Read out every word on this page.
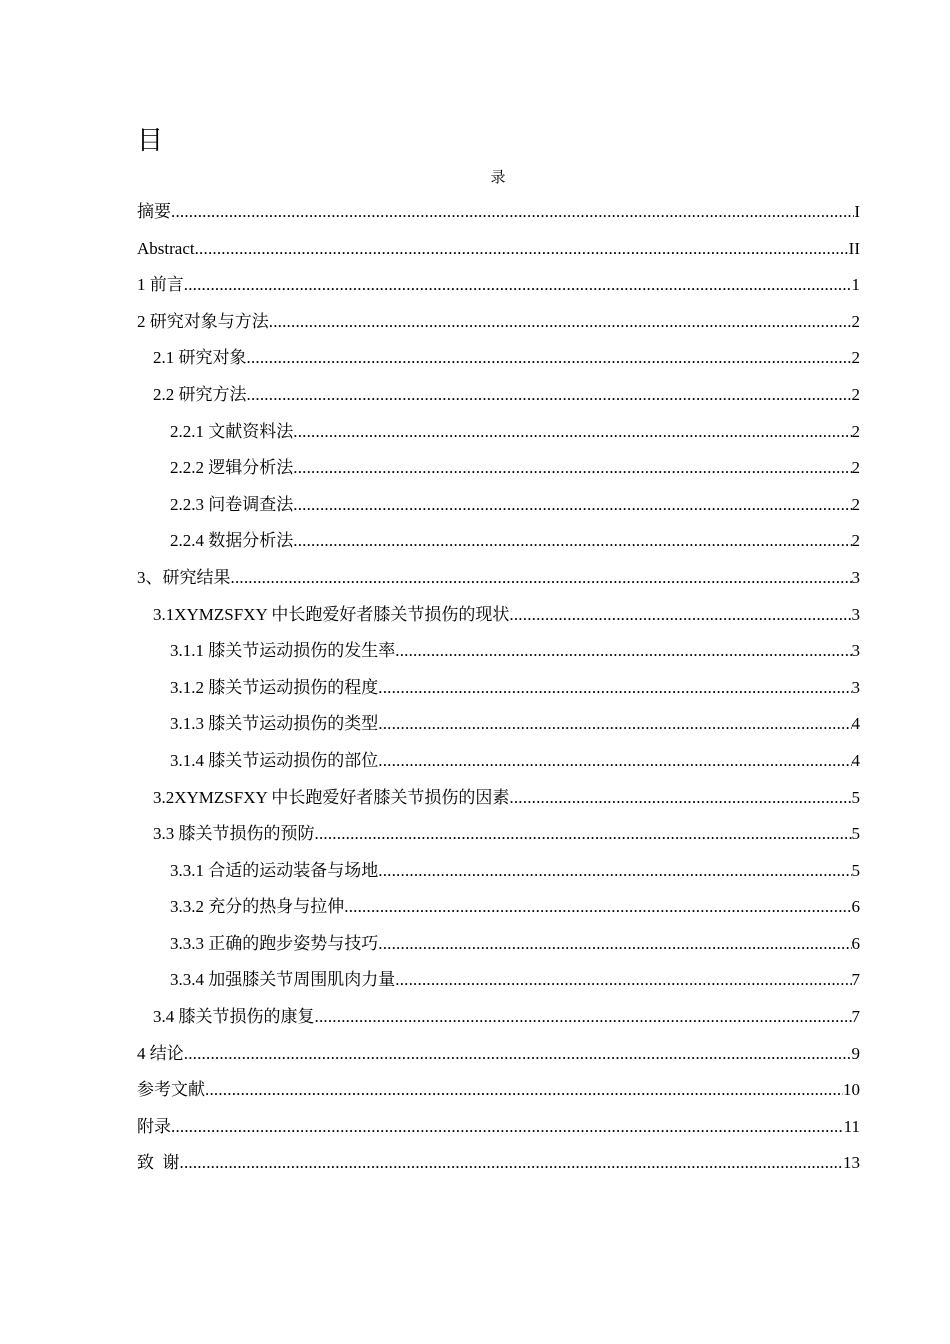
目
录
摘要 .....	I
Abstract .....	II
1 前言 .....	1
2 研究对象与方法 .....	2
2.1 研究对象 .....	2
2.2 研究方法 .....	2
2.2.1 文献资料法 .....	2
2.2.2 逻辑分析法 .....	2
2.2.3 问卷调查法 .....	2
2.2.4 数据分析法 .....	2
3、研究结果 .....	3
3.1XYMZSFXY 中长跑爱好者膝关节损伤的现状 .....	3
3.1.1 膝关节运动损伤的发生率 .....	3
3.1.2 膝关节运动损伤的程度 .....	3
3.1.3 膝关节运动损伤的类型 .....	4
3.1.4 膝关节运动损伤的部位 .....	4
3.2XYMZSFXY 中长跑爱好者膝关节损伤的因素 .....	5
3.3 膝关节损伤的预防 .....	5
3.3.1 合适的运动装备与场地 .....	5
3.3.2 充分的热身与拉伸 .....	6
3.3.3 正确的跑步姿势与技巧 .....	6
3.3.4 加强膝关节周围肌肉力量 .....	7
3.4 膝关节损伤的康复 .....	7
4 结论 .....	9
参考文献 .....	10
附录 .....	11
致  谢 .....	13
